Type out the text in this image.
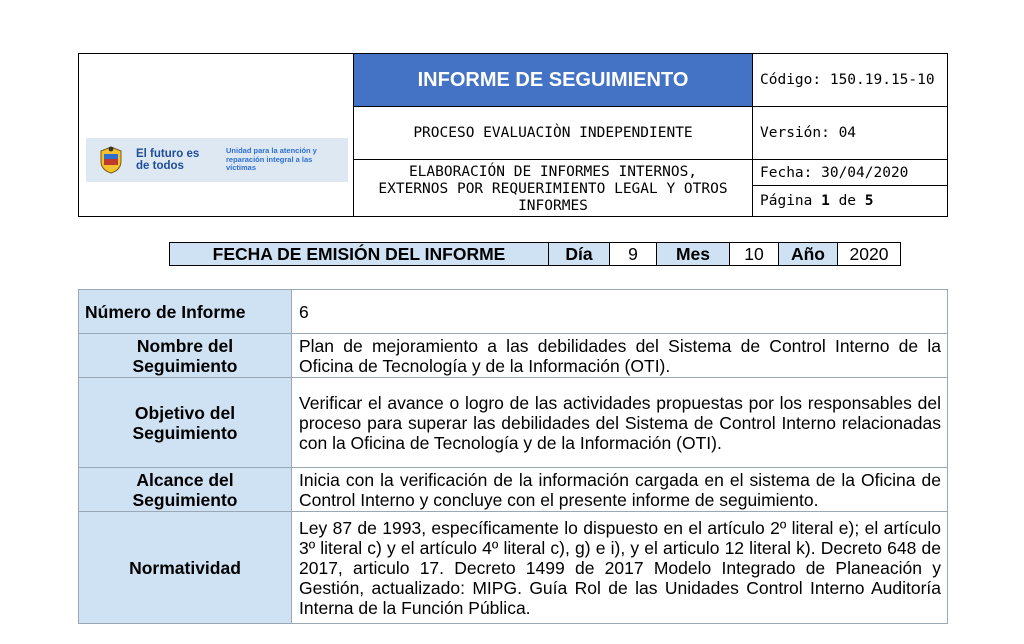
El futuro es de todos
Unidad para la atención y reparación integral a las víctimas	INFORME DE SEGUIMIENTO	Código: 150.19.15-10
	PROCESO EVALUACIÒN INDEPENDIENTE	Versión: 04
	ELABORACIÓN DE INFORMES INTERNOS, EXTERNOS POR REQUERIMIENTO LEGAL Y OTROS INFORMES	Fecha: 30/04/2020
		Página 1 de 5
FECHA DE EMISIÓN DEL INFORME	Día	9	Mes	10	Año	2020
Número de Informe	6
Nombre del Seguimiento	Plan de mejoramiento a las debilidades del Sistema de Control Interno de la Oficina de Tecnología y de la Información (OTI).
Objetivo del Seguimiento	Verificar el avance o logro de las actividades propuestas por los responsables del proceso para superar las debilidades del Sistema de Control Interno relacionadas con la Oficina de Tecnología y de la Información (OTI).
Alcance del Seguimiento	Inicia con la verificación de la información cargada en el sistema de la Oficina de Control Interno y concluye con el presente informe de seguimiento.
Normatividad	Ley 87 de 1993, específicamente lo dispuesto en el artículo 2º literal e); el artículo 3º literal c) y el artículo 4º literal c), g) e i), y el articulo 12 literal k). Decreto 648 de 2017, articulo 17. Decreto 1499 de 2017 Modelo Integrado de Planeación y Gestión, actualizado: MIPG. Guía Rol de las Unidades Control Interno Auditoría Interna de la Función Pública.
